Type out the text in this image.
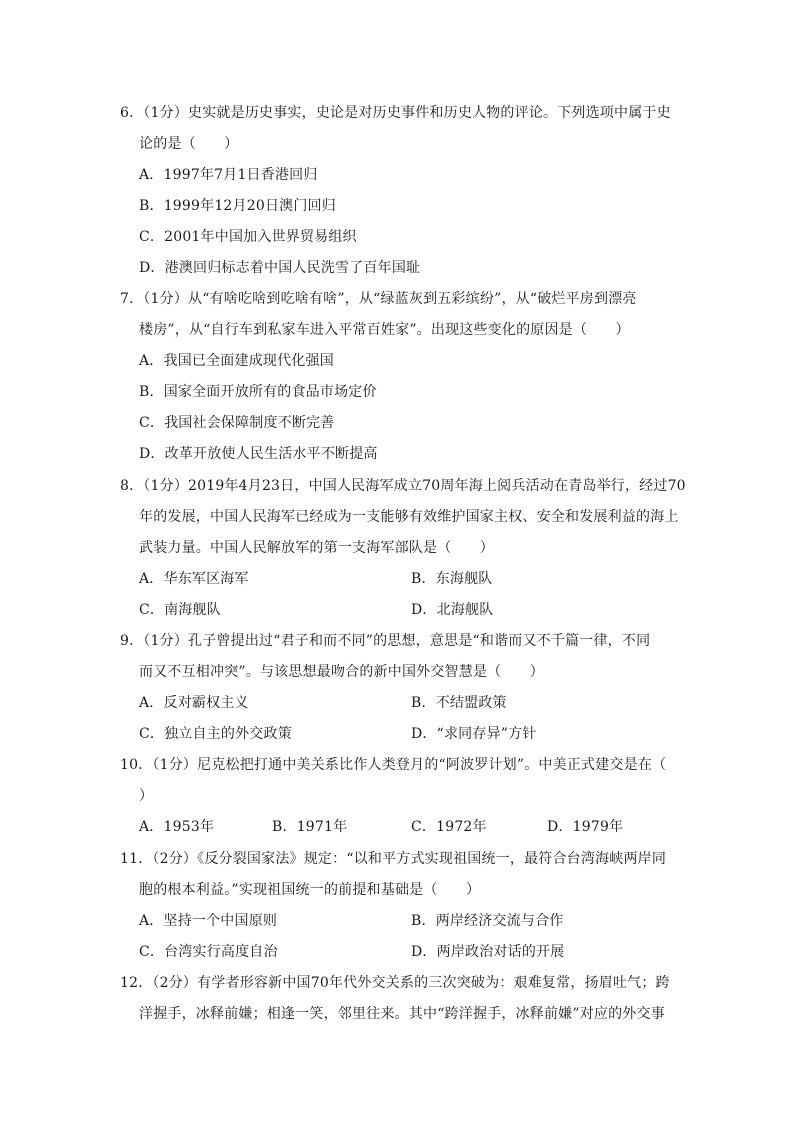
6．（1分）史实就是历史事实，史论是对历史事件和历史人物的评论。下列选项中属于史
论的是（　　）
A．1997年7月1日香港回归
B．1999年12月20日澳门回归
C．2001年中国加入世界贸易组织
D．港澳回归标志着中国人民洗雪了百年国耻
7．（1分）从“有啥吃啥到吃啥有啥”，从“绿蓝灰到五彩缤纷”，从“破烂平房到漂亮
楼房”，从“自行车到私家车进入平常百姓家”。出现这些变化的原因是（　　）
A．我国已全面建成现代化强国
B．国家全面开放所有的食品市场定价
C．我国社会保障制度不断完善
D．改革开放使人民生活水平不断提高
8．（1分）2019年4月23日，中国人民海军成立70周年海上阅兵活动在青岛举行，经过70
年的发展，中国人民海军已经成为一支能够有效维护国家主权、安全和发展利益的海上
武装力量。中国人民解放军的第一支海军部队是（　　）
A．华东军区海军	B．东海舰队
C．南海舰队	D．北海舰队
9．（1分）孔子曾提出过“君子和而不同”的思想，意思是“和谐而又不千篇一律，不同
而又不互相冲突”。与该思想最吻合的新中国外交智慧是（　　）
A．反对霸权主义	B．不结盟政策
C．独立自主的外交政策	D．“求同存异”方针
10．（1分）尼克松把打通中美关系比作人类登月的“阿波罗计划”。中美正式建交是在（
）
A．1953年	B．1971年	C．1972年	D．1979年
11．（2分）《反分裂国家法》规定：“以和平方式实现祖国统一，最符合台湾海峡两岸同
胞的根本利益。”实现祖国统一的前提和基础是（　　）
A．坚持一个中国原则	B．两岸经济交流与合作
C．台湾实行高度自治	D．两岸政治对话的开展
12．（2分）有学者形容新中国70年代外交关系的三次突破为：艰难复常，扬眉吐气；跨
洋握手，冰释前嫌；相逢一笑，邻里往来。其中“跨洋握手，冰释前嫌”对应的外交事
